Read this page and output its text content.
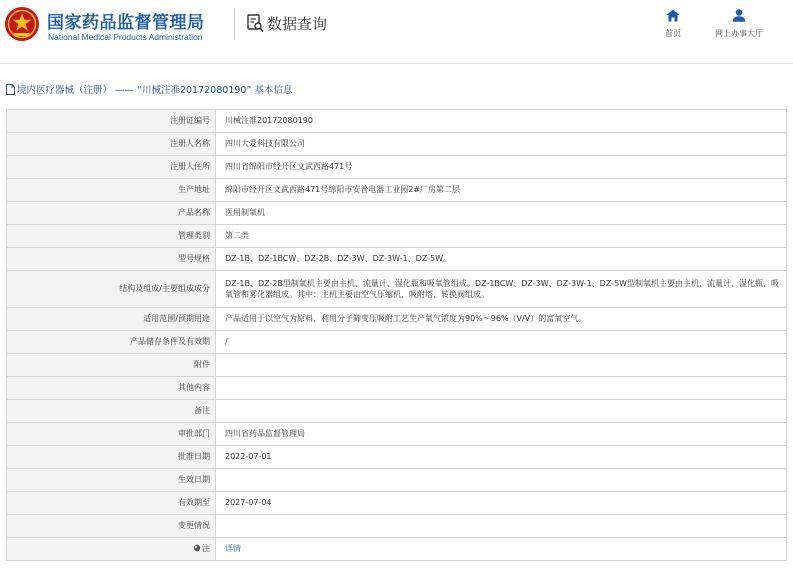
国家药品监督管理局
National Medical Products Administration
数据查询
首页	网上办事大厅
境内医疗器械（注册） —— “川械注准20172080190” 基本信息
注册证编号	川械注准20172080190
注册人名称	四川大爱科技有限公司
注册人住所	四川省绵阳市经开区文武西路471号
生产地址	绵阳市经开区文武西路471号绵阳市安普电器工业园2#厂房第二层
产品名称	医用制氧机
管理类别	第二类
型号规格	DZ-1B、DZ-1BCW、DZ-2B、DZ-3W、DZ-3W-1、DZ-5W。
结构及组成/主要组成成分	DZ-1B、DZ-2B型制氧机主要由主机、流量计、湿化瓶和吸氧管组成。DZ-1BCW、DZ-3W、DZ-3W-1、DZ-5W型制氧机主要由主机、流量计、湿化瓶、吸氧管和雾化器组成。其中：主机主要由空气压缩机、吸附塔、转换阀组成。
适用范围/预期用途	产品适用于以空气为原料，利用分子筛变压吸附工艺生产氧气浓度为90%～96%（V/V）的富氧空气。
产品储存条件及有效期	/
附件	
其他内容	
备注	
审批部门	四川省药品监督管理局
批准日期	2022-07-01
生效日期	
有效期至	2027-07-04
变更情况	

注	详情
